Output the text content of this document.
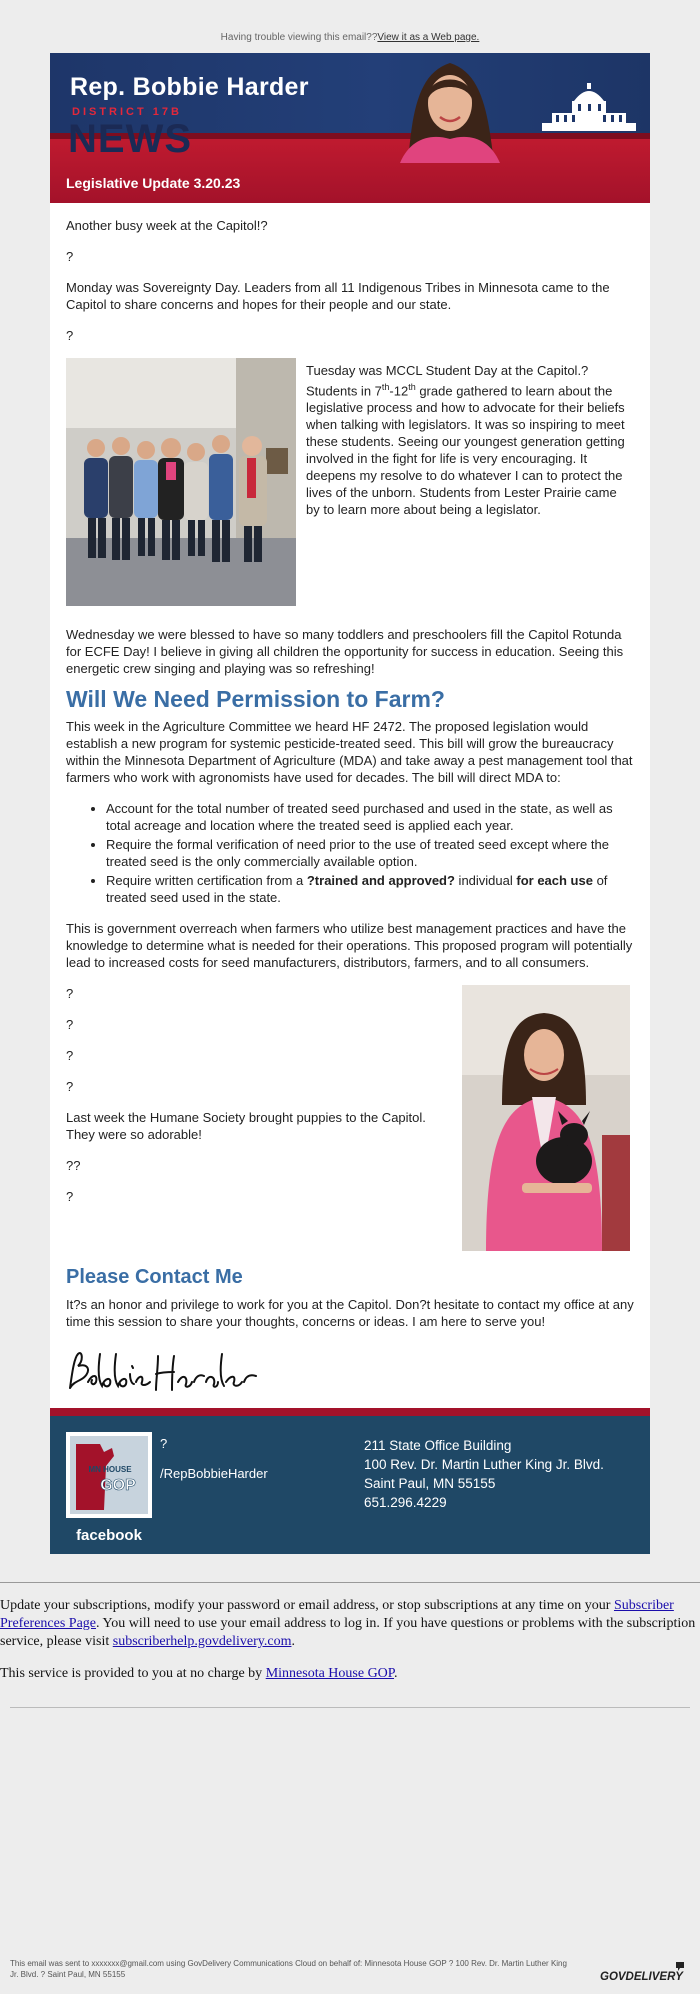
Having trouble viewing this email??View it as a Web page.
Rep. Bobbie Harder
DISTRICT 17B
NEWS
Legislative Update 3.20.23

Another busy week at the Capitol!?

?

Monday was Sovereignty Day. Leaders from all 11 Indigenous Tribes in Minnesota came to the Capitol to share concerns and hopes for their people and our state.

?

Tuesday was MCCL Student Day at the Capitol.? Students in 7th-12th grade gathered to learn about the legislative process and how to advocate for their beliefs when talking with legislators. It was so inspiring to meet these students. Seeing our youngest generation getting involved in the fight for life is very encouraging. It deepens my resolve to do whatever I can to protect the lives of the unborn. Students from Lester Prairie came by to learn more about being a legislator.

Wednesday we were blessed to have so many toddlers and preschoolers fill the Capitol Rotunda for ECFE Day! I believe in giving all children the opportunity for success in education. Seeing this energetic crew singing and playing was so refreshing!

Will We Need Permission to Farm?

This week in the Agriculture Committee we heard HF 2472. The proposed legislation would establish a new program for systemic pesticide-treated seed. This bill will grow the bureaucracy within the Minnesota Department of Agriculture (MDA) and take away a pest management tool that farmers who work with agronomists have used for decades. The bill will direct MDA to:

• Account for the total number of treated seed purchased and used in the state, as well as total acreage and location where the treated seed is applied each year.
• Require the formal verification of need prior to the use of treated seed except where the treated seed is the only commercially available option.
• Require written certification from a ?trained and approved? individual for each use of treated seed used in the state.

This is government overreach when farmers who utilize best management practices and have the knowledge to determine what is needed for their operations. This proposed program will potentially lead to increased costs for seed manufacturers, distributors, farmers, and to all consumers.

?

?

?

?

Last week the Humane Society brought puppies to the Capitol. They were so adorable!

??

?

Please Contact Me

It?s an honor and privilege to work for you at the Capitol. Don?t hesitate to contact my office at any time this session to share your thoughts, concerns or ideas. I am here to serve you!

MN HOUSE
GOP
facebook
?
/RepBobbieHarder
211 State Office Building
100 Rev. Dr. Martin Luther King Jr. Blvd.
Saint Paul, MN 55155
651.296.4229

Update your subscriptions, modify your password or email address, or stop subscriptions at any time on your Subscriber Preferences Page. You will need to use your email address to log in. If you have questions or problems with the subscription service, please visit subscriberhelp.govdelivery.com.

This service is provided to you at no charge by Minnesota House GOP.

This email was sent to xxxxxxx@gmail.com using GovDelivery Communications Cloud on behalf of: Minnesota House GOP ? 100 Rev. Dr. Martin Luther King Jr. Blvd. ? Saint Paul, MN 55155	GOVDELIVERY
